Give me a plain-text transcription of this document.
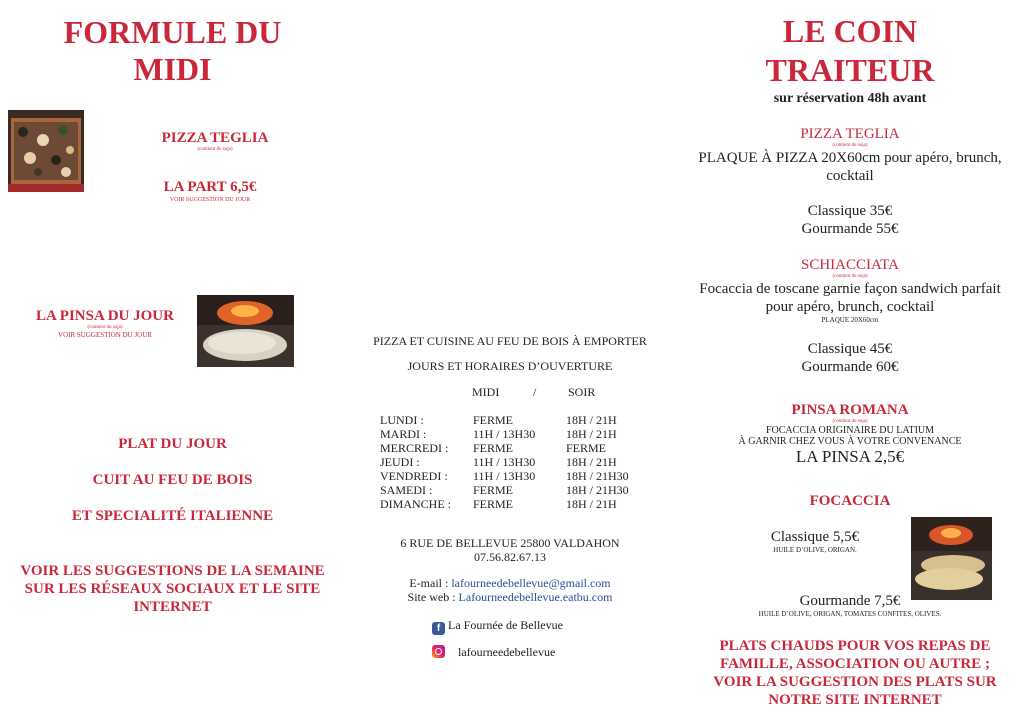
FORMULE DU MIDI
PIZZA TEGLIA
(contient du soja)
LA PART 6,5€
VOIR SUGGESTION DU JOUR
LA PINSA DU JOUR
(contient du soja)
VOIR SUGGESTION DU JOUR
PLAT DU JOUR
CUIT AU FEU DE BOIS
ET SPECIALITÉ ITALIENNE
VOIR LES SUGGESTIONS DE LA SEMAINE
SUR LES RÉSEAUX SOCIAUX ET LE SITE
INTERNET
PIZZA ET CUISINE AU FEU DE BOIS À EMPORTER
JOURS ET HORAIRES D’OUVERTURE
MIDI	/	SOIR
LUNDI :	FERME	18H / 21H
MARDI :	11H / 13H30	18H / 21H
MERCREDI : FERME	FERME
JEUDI :	11H / 13H30	18H / 21H
VENDREDI : 11H / 13H30	18H / 21H30
SAMEDI :	FERME	18H / 21H30
DIMANCHE : FERME	18H / 21H
6 RUE DE BELLEVUE 25800 VALDAHON
07.56.82.67.13
E-mail : lafourneedebellevue@gmail.com
Site web : Lafourneedebellevue.eatbu.com
f La Fournée de Bellevue
lafourneedebellevue
LE COIN TRAITEUR
sur réservation 48h avant
PIZZA TEGLIA
(contient du soja)
PLAQUE À PIZZA 20X60cm pour apéro, brunch, cocktail
Classique 35€
Gourmande 55€
SCHIACCIATA
(contient du soja)
Focaccia de toscane garnie façon sandwich parfait pour apéro, brunch, cocktail
PLAQUE 20X60cm
Classique 45€
Gourmande 60€
PINSA ROMANA
(contient du soja)
FOCACCIA ORIGINAIRE DU LATIUM
À GARNIR CHEZ VOUS À VOTRE CONVENANCE
LA PINSA 2,5€
FOCACCIA
Classique 5,5€
HUILE D’OLIVE, ORIGAN.
Gourmande 7,5€
HUILE D’OLIVE, ORIGAN, TOMATES CONFITES, OLIVES.
PLATS CHAUDS POUR VOS REPAS DE
FAMILLE, ASSOCIATION OU AUTRE ;
VOIR LA SUGGESTION DES PLATS SUR
NOTRE SITE INTERNET
